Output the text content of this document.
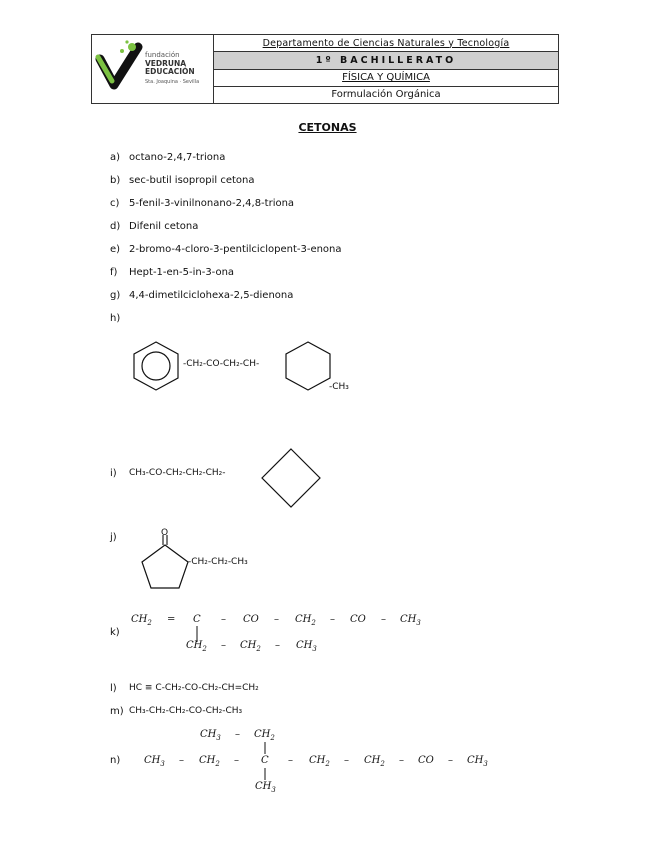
fundación
VEDRUNA
EDUCACIÓN
Sta. Joaquina · Sevilla
Departamento de Ciencias Naturales y Tecnología
1º BACHILLERATO
FÍSICA Y QUÍMICA
Formulación Orgánica
CETONAS
a) octano-2,4,7-triona
b) sec-butil isopropil cetona
c) 5-fenil-3-vinilnonano-2,4,8-triona
d) Difenil cetona
e) 2-bromo-4-cloro-3-pentilciclopent-3-enona
f) Hept-1-en-5-in-3-ona
g) 4,4-dimetilciclohexa-2,5-dienona
h)
-CH₂-CO-CH₂-CH-
-CH₃
i) CH₃-CO-CH₂-CH₂-CH₂-
j)	O
-CH₂-CH₂-CH₃
k)
$CH_2 = C$ – CO – $CH_2$ – CO – $CH_3$
$CH_2 - CH_2 - CH_3$
l) HC ≡ C-CH₂-CO-CH₂-CH=CH₂
m) CH₃-CH₂-CH₂-CO-CH₂-CH₃
$CH_3 - CH_2$
n) $CH_3 - CH_2$ – C – $CH_2 - CH_2$ – CO – $CH_3$
$CH_3$
